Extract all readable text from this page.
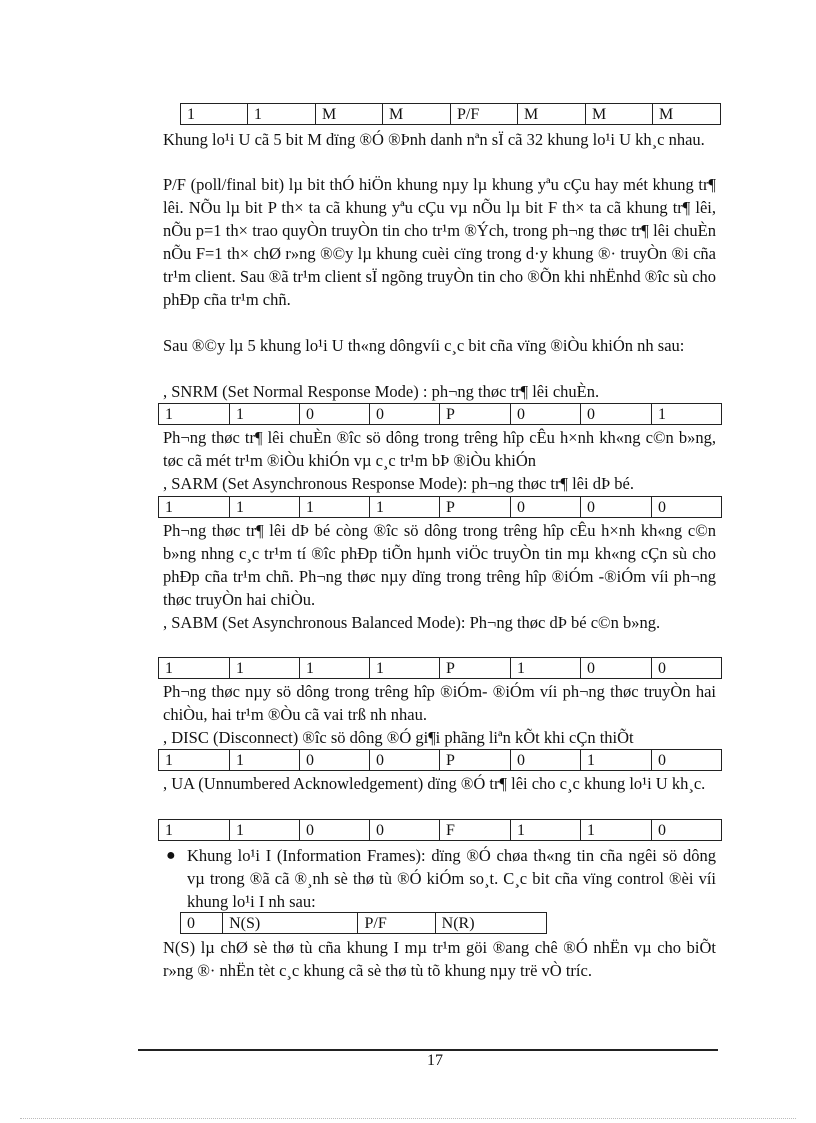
1	1	M	M	P/F	M	M	M
Khung lo¹i U cã 5 bit M dïng ®Ó ®Þnh danh nªn sÏ cã 32 khung lo¹i U kh¸c nhau.
P/F (poll/final bit) lµ bit thÓ hiÖn khung nµy lµ khung yªu cÇu hay mét khung tr¶ lêi. NÕu lµ bit P th× ta cã khung yªu cÇu vµ nÕu lµ bit F th× ta cã khung tr¶ lêi, nÕu p=1 th× trao quyÒn truyÒn tin cho tr¹m ®Ých, trong ph¬ng thøc tr¶ lêi chuÈn nÕu F=1 th× chØ r»ng ®©y lµ khung cuèi cïng trong d·y khung ®· truyÒn ®i cña tr¹m client. Sau ®ã tr¹m client sÏ ngõng truyÒn tin cho ®Õn khi nhËnhd ®îc sù cho phÐp cña tr¹m chñ.
Sau ®©y lµ 5 khung lo¹i U th«ng dôngvíi c¸c bit cña vïng ®iÒu khiÓn nh sau:
, SNRM (Set Normal Response Mode) : ph¬ng thøc tr¶ lêi chuÈn.
1	1	0	0	P	0	0	1
Ph¬ng thøc tr¶ lêi chuÈn ®îc sö dông trong trêng hîp cÊu h×nh kh«ng c©n b»ng, tøc cã mét tr¹m ®iÒu khiÓn vµ c¸c tr¹m bÞ ®iÒu khiÓn
, SARM (Set Asynchronous Response Mode): ph¬ng thøc tr¶ lêi dÞ bé.
1	1	1	1	P	0	0	0
Ph¬ng thøc tr¶ lêi dÞ bé còng ®îc sö dông trong trêng hîp cÊu h×nh kh«ng c©n b»ng nhng c¸c tr¹m tí ®îc phÐp tiÕn hµnh viÖc truyÒn tin mµ kh«ng cÇn sù cho phÐp cña tr¹m chñ. Ph¬ng thøc nµy dïng trong trêng hîp ®iÓm -®iÓm víi ph¬ng thøc truyÒn hai chiÒu.
, SABM (Set Asynchronous Balanced Mode): Ph¬ng thøc dÞ bé c©n b»ng.
1	1	1	1	P	1	0	0
Ph¬ng thøc nµy sö dông trong trêng hîp ®iÓm- ®iÓm víi ph¬ng thøc truyÒn hai chiÒu, hai tr¹m ®Òu cã vai trß nh nhau.
, DISC (Disconnect) ®îc sö dông ®Ó gi¶i phãng liªn kÕt khi cÇn thiÕt
1	1	0	0	P	0	1	0
, UA (Unnumbered Acknowledgement) dïng ®Ó tr¶ lêi cho c¸c khung lo¹i U kh¸c.
1	1	0	0	F	1	1	0
● Khung lo¹i I (Information Frames): dïng ®Ó chøa th«ng tin cña ngêi sö dông vµ trong ®ã cã ®¸nh sè thø tù ®Ó kiÓm so¸t. C¸c bit cña vïng control ®èi víi khung lo¹i I nh sau:
0	N(S)	P/F	N(R)
N(S) lµ chØ sè thø tù cña khung I mµ tr¹m göi ®ang chê ®Ó nhËn vµ cho biÕt r»ng ®· nhËn tèt c¸c khung cã sè thø tù tõ khung nµy trë vÒ tríc.
17
